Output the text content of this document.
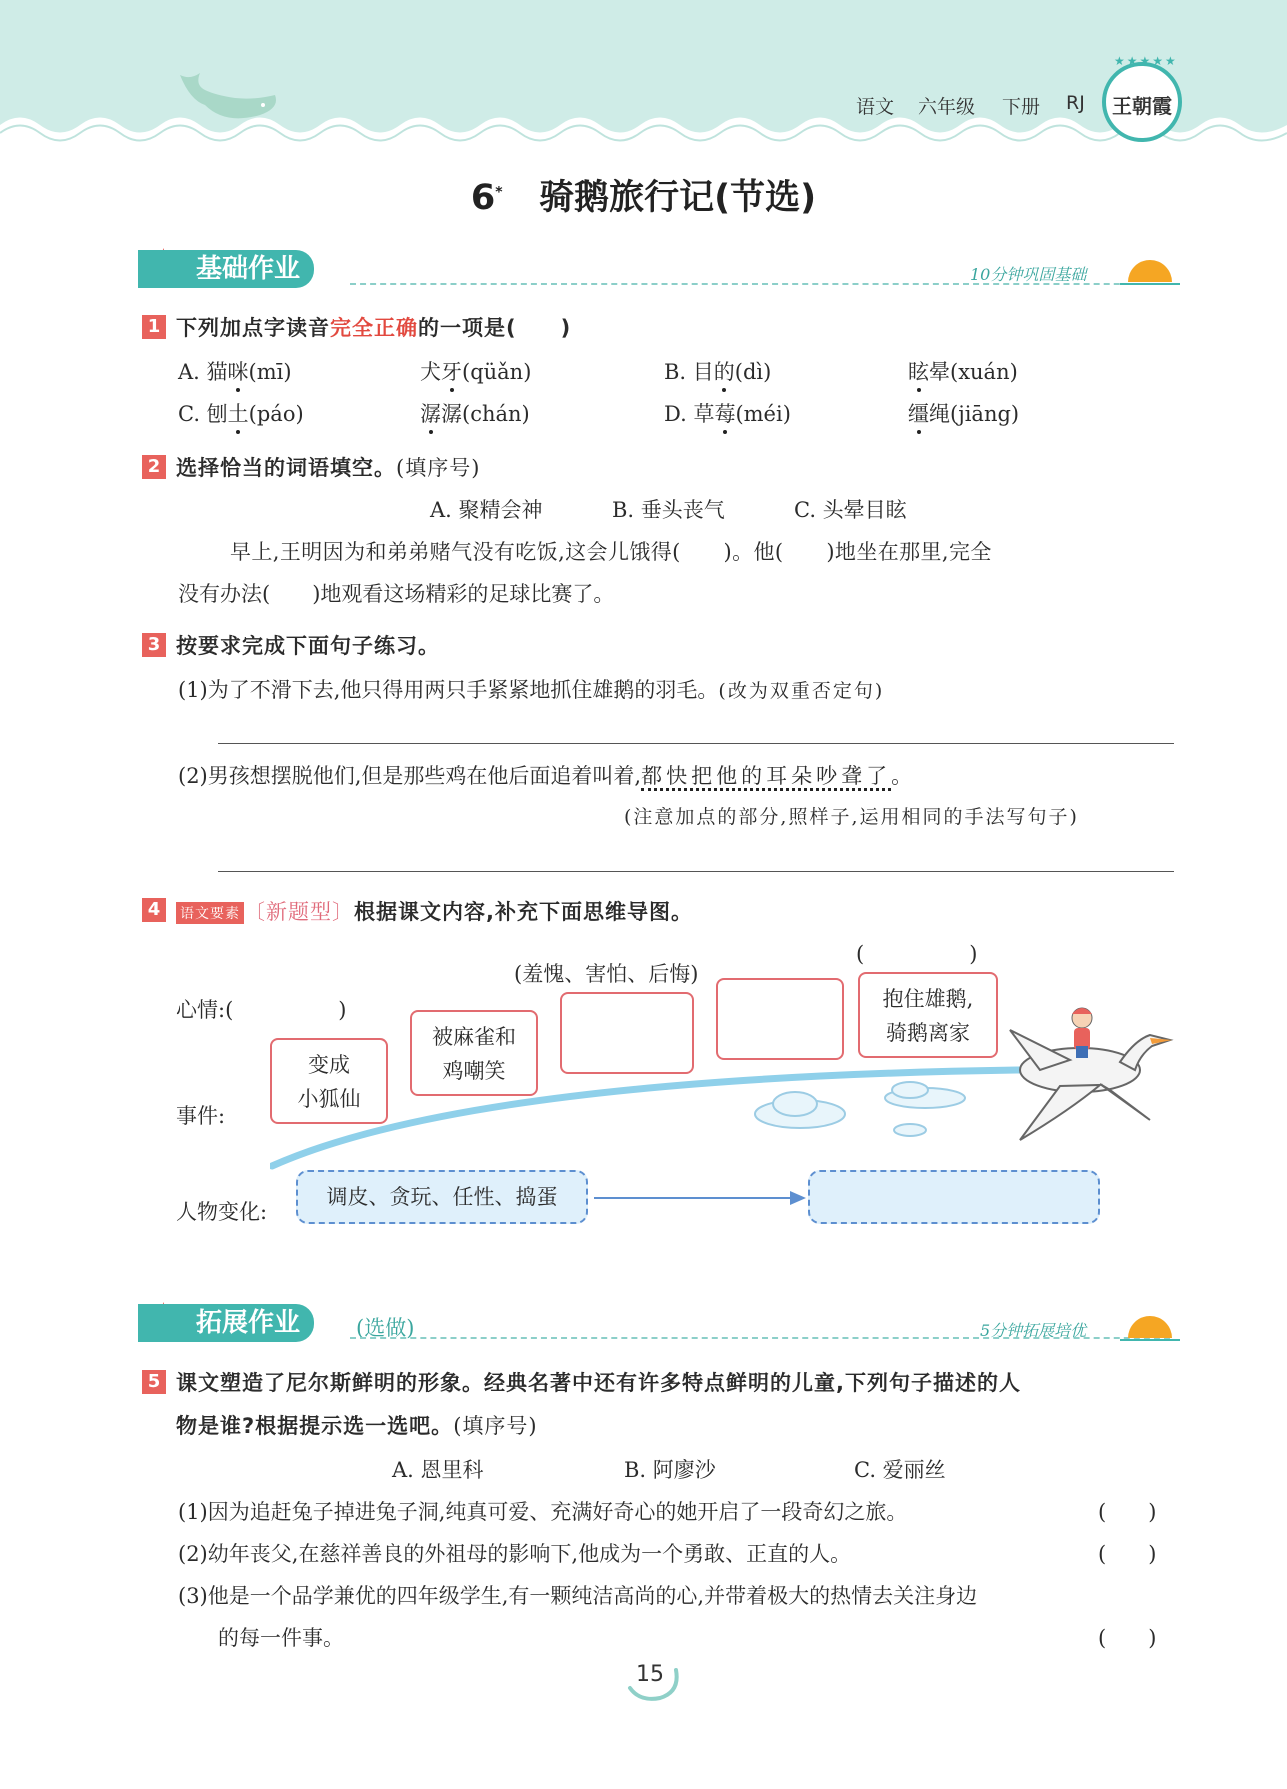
语文 六年级 下册 RJ	王朝霞
★★★★★
6* 骑鹅旅行记(节选)
基础作业	10分钟巩固基础
1 下列加点字读音完全正确的一项是(　　)
A. 猫咪(mī)	犬牙(qüǎn)	B. 目的(dì)	眩晕(xuán)
C. 刨土(páo)	潺潺(chán)	D. 草莓(méi)	缰绳(jiāng)
2 选择恰当的词语填空。(填序号)
A. 聚精会神	B. 垂头丧气	C. 头晕目眩
早上,王明因为和弟弟赌气没有吃饭,这会儿饿得(　　)。他(　　)地坐在那里,完全
没有办法(　　)地观看这场精彩的足球比赛了。
3 按要求完成下面句子练习。
(1)为了不滑下去,他只得用两只手紧紧地抓住雄鹅的羽毛。(改为双重否定句)
(2)男孩想摆脱他们,但是那些鸡在他后面追着叫着,都快把他的耳朵吵聋了。
(注意加点的部分,照样子,运用相同的手法写句子)
4	语文要素 〔新题型〕根据课文内容,补充下面思维导图。
心情:(　　　　　)
(羞愧、害怕、后悔)
(　　　　　)
事件:
变成
小狐仙
被麻雀和
鸡嘲笑
抱住雄鹅,
骑鹅离家
人物变化:
调皮、贪玩、任性、捣蛋
拓展作业	(选做)	5分钟拓展培优
5 课文塑造了尼尔斯鲜明的形象。经典名著中还有许多特点鲜明的儿童,下列句子描述的人
物是谁?根据提示选一选吧。(填序号)
A. 恩里科	B. 阿廖沙	C. 爱丽丝
(1)因为追赶兔子掉进兔子洞,纯真可爱、充满好奇心的她开启了一段奇幻之旅。	(　　)
(2)幼年丧父,在慈祥善良的外祖母的影响下,他成为一个勇敢、正直的人。	(　　)
(3)他是一个品学兼优的四年级学生,有一颗纯洁高尚的心,并带着极大的热情去关注身边
的每一件事。	(　　)
15
